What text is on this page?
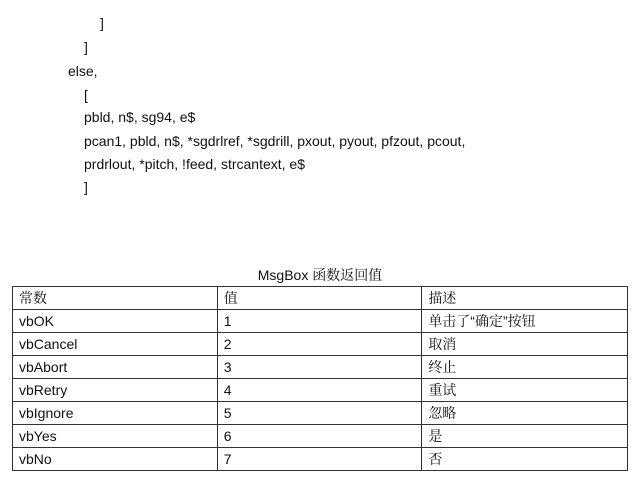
]
]
else,
[
pbld, n$, sg94, e$
pcan1, pbld, n$, *sgdrlref, *sgdrill, pxout, pyout, pfzout, pcout,
prdrlout, *pitch, !feed, strcantext, e$
]
MsgBox 函数返回值
常数	值	描述
vbOK	1	单击了“确定”按钮
vbCancel	2	取消
vbAbort	3	终止
vbRetry	4	重试
vbIgnore	5	忽略
vbYes	6	是
vbNo	7	否
